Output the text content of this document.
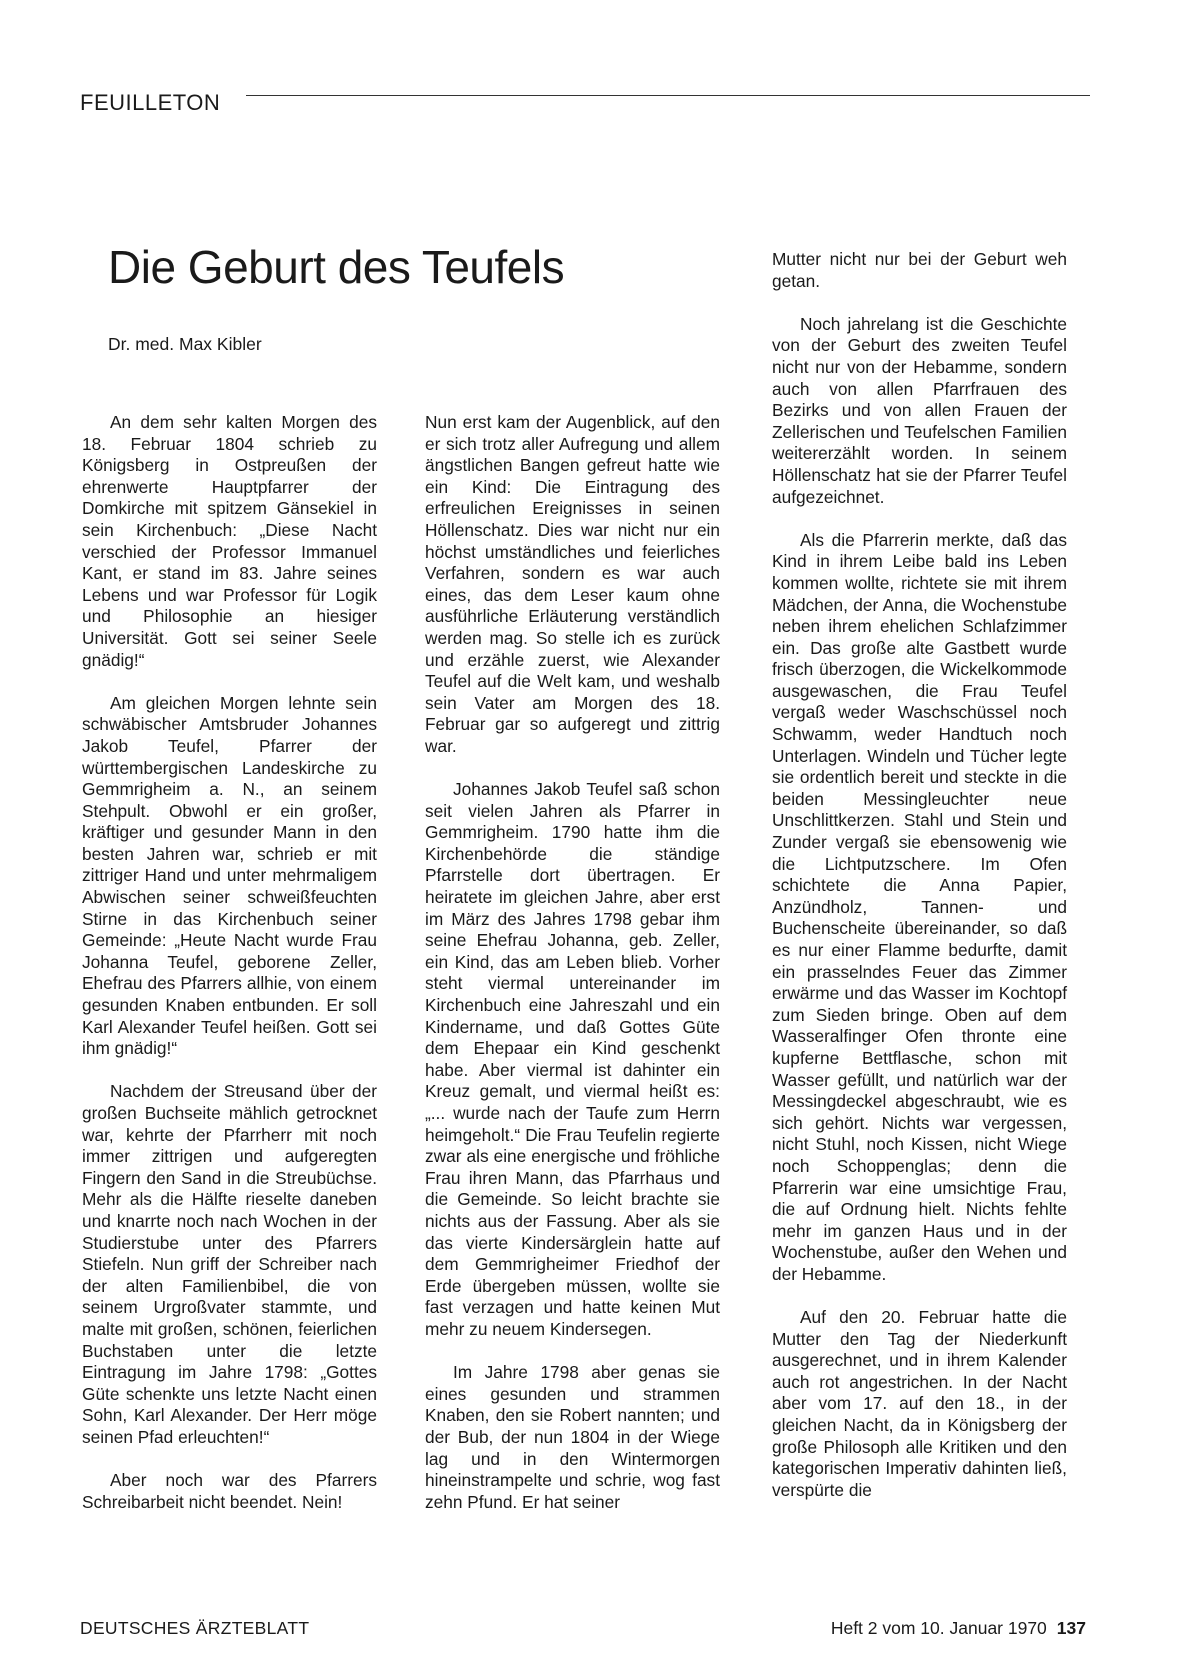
FEUILLETON
Die Geburt des Teufels
Dr. med. Max Kibler

An dem sehr kalten Morgen des 18. Februar 1804 schrieb zu Königsberg in Ostpreußen der ehrenwerte Hauptpfarrer der Domkirche mit spitzem Gänsekiel in sein Kirchenbuch: „Diese Nacht verschied der Professor Immanuel Kant, er stand im 83. Jahre seines Lebens und war Professor für Logik und Philosophie an hiesiger Universität. Gott sei seiner Seele gnädig!“

Am gleichen Morgen lehnte sein schwäbischer Amtsbruder Johannes Jakob Teufel, Pfarrer der württembergischen Landeskirche zu Gemmrigheim a. N., an seinem Stehpult. Obwohl er ein großer, kräftiger und gesunder Mann in den besten Jahren war, schrieb er mit zittriger Hand und unter mehrmaligem Abwischen seiner schweißfeuchten Stirne in das Kirchenbuch seiner Gemeinde: „Heute Nacht wurde Frau Johanna Teufel, geborene Zeller, Ehefrau des Pfarrers allhie, von einem gesunden Knaben entbunden. Er soll Karl Alexander Teufel heißen. Gott sei ihm gnädig!“

Nachdem der Streusand über der großen Buchseite mählich getrocknet war, kehrte der Pfarrherr mit noch immer zittrigen und aufgeregten Fingern den Sand in die Streubüchse. Mehr als die Hälfte rieselte daneben und knarrte noch nach Wochen in der Studierstube unter des Pfarrers Stiefeln. Nun griff der Schreiber nach der alten Familienbibel, die von seinem Urgroßvater stammte, und malte mit großen, schönen, feierlichen Buchstaben unter die letzte Eintragung im Jahre 1798: „Gottes Güte schenkte uns letzte Nacht einen Sohn, Karl Alexander. Der Herr möge seinen Pfad erleuchten!“

Aber noch war des Pfarrers Schreibarbeit nicht beendet. Nein!

Nun erst kam der Augenblick, auf den er sich trotz aller Aufregung und allem ängstlichen Bangen gefreut hatte wie ein Kind: Die Eintragung des erfreulichen Ereignisses in seinen Höllenschatz. Dies war nicht nur ein höchst umständliches und feierliches Verfahren, sondern es war auch eines, das dem Leser kaum ohne ausführliche Erläuterung verständlich werden mag. So stelle ich es zurück und erzähle zuerst, wie Alexander Teufel auf die Welt kam, und weshalb sein Vater am Morgen des 18. Februar gar so aufgeregt und zittrig war.

Johannes Jakob Teufel saß schon seit vielen Jahren als Pfarrer in Gemmrigheim. 1790 hatte ihm die Kirchenbehörde die ständige Pfarrstelle dort übertragen. Er heiratete im gleichen Jahre, aber erst im März des Jahres 1798 gebar ihm seine Ehefrau Johanna, geb. Zeller, ein Kind, das am Leben blieb. Vorher steht viermal untereinander im Kirchenbuch eine Jahreszahl und ein Kindername, und daß Gottes Güte dem Ehepaar ein Kind geschenkt habe. Aber viermal ist dahinter ein Kreuz gemalt, und viermal heißt es: „... wurde nach der Taufe zum Herrn heimgeholt.“ Die Frau Teufelin regierte zwar als eine energische und fröhliche Frau ihren Mann, das Pfarrhaus und die Gemeinde. So leicht brachte sie nichts aus der Fassung. Aber als sie das vierte Kindersärglein hatte auf dem Gemmrigheimer Friedhof der Erde übergeben müssen, wollte sie fast verzagen und hatte keinen Mut mehr zu neuem Kindersegen.

Im Jahre 1798 aber genas sie eines gesunden und strammen Knaben, den sie Robert nannten; und der Bub, der nun 1804 in der Wiege lag und in den Wintermorgen hineinstrampelte und schrie, wog fast zehn Pfund. Er hat seiner

Mutter nicht nur bei der Geburt weh getan.

Noch jahrelang ist die Geschichte von der Geburt des zweiten Teufel nicht nur von der Hebamme, sondern auch von allen Pfarrfrauen des Bezirks und von allen Frauen der Zellerischen und Teufelschen Familien weitererzählt worden. In seinem Höllenschatz hat sie der Pfarrer Teufel aufgezeichnet.

Als die Pfarrerin merkte, daß das Kind in ihrem Leibe bald ins Leben kommen wollte, richtete sie mit ihrem Mädchen, der Anna, die Wochenstube neben ihrem ehelichen Schlafzimmer ein. Das große alte Gastbett wurde frisch überzogen, die Wickelkommode ausgewaschen, die Frau Teufel vergaß weder Waschschüssel noch Schwamm, weder Handtuch noch Unterlagen. Windeln und Tücher legte sie ordentlich bereit und steckte in die beiden Messingleuchter neue Unschlittkerzen. Stahl und Stein und Zunder vergaß sie ebensowenig wie die Lichtputzschere. Im Ofen schichtete die Anna Papier, Anzündholz, Tannen- und Buchenscheite übereinander, so daß es nur einer Flamme bedurfte, damit ein prasselndes Feuer das Zimmer erwärme und das Wasser im Kochtopf zum Sieden bringe. Oben auf dem Wasseralfinger Ofen thronte eine kupferne Bettflasche, schon mit Wasser gefüllt, und natürlich war der Messingdeckel abgeschraubt, wie es sich gehört. Nichts war vergessen, nicht Stuhl, noch Kissen, nicht Wiege noch Schoppenglas; denn die Pfarrerin war eine umsichtige Frau, die auf Ordnung hielt. Nichts fehlte mehr im ganzen Haus und in der Wochenstube, außer den Wehen und der Hebamme.

Auf den 20. Februar hatte die Mutter den Tag der Niederkunft ausgerechnet, und in ihrem Kalender auch rot angestrichen. In der Nacht aber vom 17. auf den 18., in der gleichen Nacht, da in Königsberg der große Philosoph alle Kritiken und den kategorischen Imperativ dahinten ließ, verspürte die

DEUTSCHES ÄRZTEBLATT	Heft 2 vom 10. Januar 1970 137
